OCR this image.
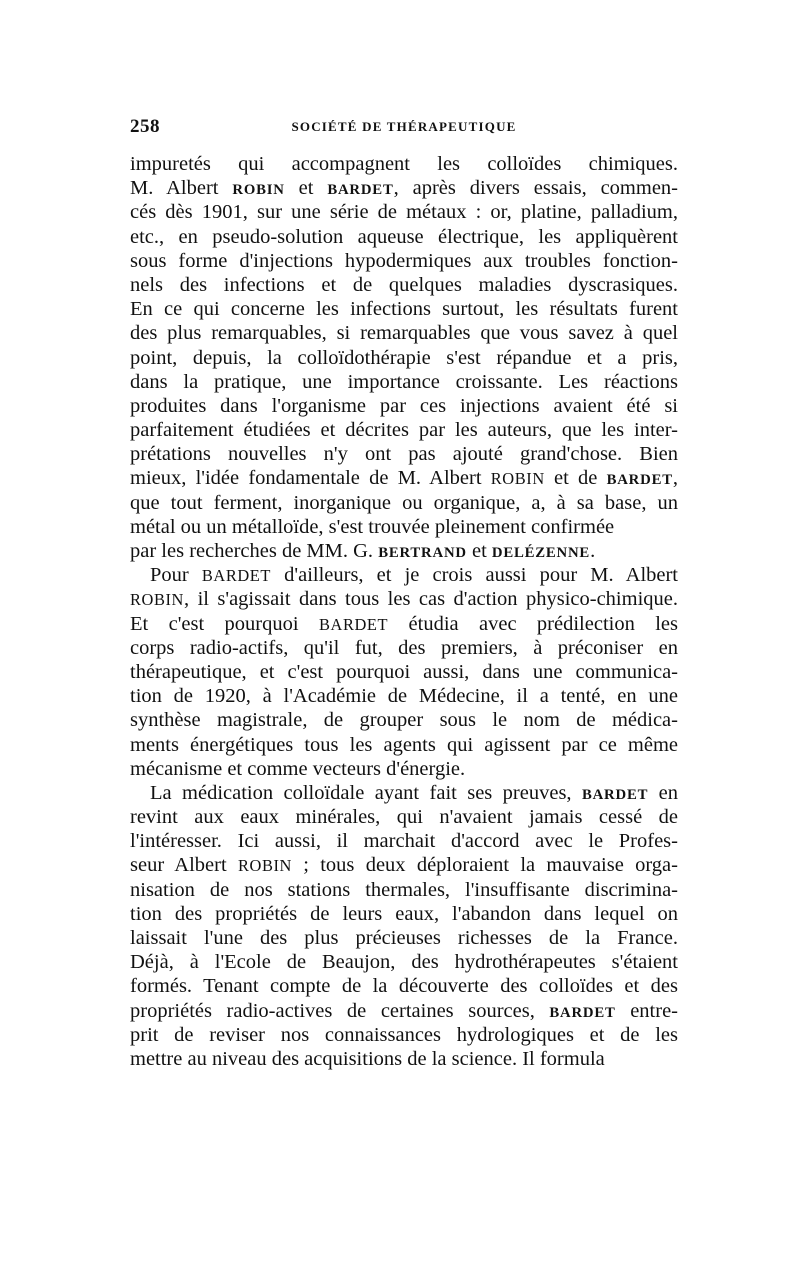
258	SOCIÉTÉ DE THÉRAPEUTIQUE
impuretés qui accompagnent les colloïdes chimiques.
M. Albert ROBIN et BARDET, après divers essais, commen-
cés dès 1901, sur une série de métaux : or, platine, palladium,
etc., en pseudo-solution aqueuse électrique, les appliquèrent
sous forme d'injections hypodermiques aux troubles fonction-
nels des infections et de quelques maladies dyscrasiques.
En ce qui concerne les infections surtout, les résultats furent
des plus remarquables, si remarquables que vous savez à quel
point, depuis, la colloïdothérapie s'est répandue et a pris,
dans la pratique, une importance croissante. Les réactions
produites dans l'organisme par ces injections avaient été si
parfaitement étudiées et décrites par les auteurs, que les inter-
prétations nouvelles n'y ont pas ajouté grand'chose. Bien
mieux, l'idée fondamentale de M. Albert ROBIN et de BARDET,
que tout ferment, inorganique ou organique, a, à sa base, un
métal ou un métalloïde, s'est trouvée pleinement confirmée
par les recherches de MM. G. BERTRAND et DELÉZENNE.
Pour BARDET d'ailleurs, et je crois aussi pour M. Albert
ROBIN, il s'agissait dans tous les cas d'action physico-chimique.
Et c'est pourquoi BARDET étudia avec prédilection les
corps radio-actifs, qu'il fut, des premiers, à préconiser en
thérapeutique, et c'est pourquoi aussi, dans une communica-
tion de 1920, à l'Académie de Médecine, il a tenté, en une
synthèse magistrale, de grouper sous le nom de médica-
ments énergétiques tous les agents qui agissent par ce même
mécanisme et comme vecteurs d'énergie.
La médication colloïdale ayant fait ses preuves, BARDET en
revint aux eaux minérales, qui n'avaient jamais cessé de
l'intéresser. Ici aussi, il marchait d'accord avec le Profes-
seur Albert ROBIN ; tous deux déploraient la mauvaise orga-
nisation de nos stations thermales, l'insuffisante discrimina-
tion des propriétés de leurs eaux, l'abandon dans lequel on
laissait l'une des plus précieuses richesses de la France.
Déjà, à l'Ecole de Beaujon, des hydrothérapeutes s'étaient
formés. Tenant compte de la découverte des colloïdes et des
propriétés radio-actives de certaines sources, BARDET entre-
prit de reviser nos connaissances hydrologiques et de les
mettre au niveau des acquisitions de la science. Il formula
